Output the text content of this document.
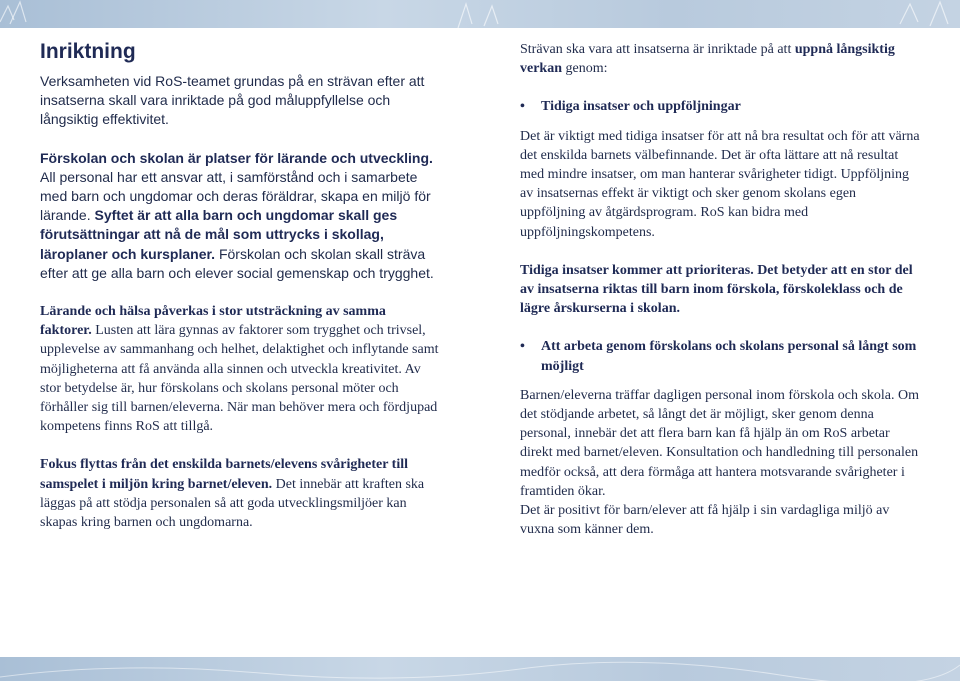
Inriktning

Verksamheten vid RoS-teamet grundas på en strävan efter att insatserna skall vara inriktade på god måluppfyllelse och långsiktig effektivitet.

Förskolan och skolan är platser för lärande och utveckling. All personal har ett ansvar att, i samförstånd och i samarbete med barn och ungdomar och deras föräldrar, skapa en miljö för lärande. Syftet är att alla barn och ungdomar skall ges förutsättningar att nå de mål som uttrycks i skollag, läroplaner och kursplaner. Förskolan och skolan skall sträva efter att ge alla barn och elever social gemenskap och trygghet.

Lärande och hälsa påverkas i stor utsträckning av samma faktorer. Lusten att lära gynnas av faktorer som trygghet och trivsel, upplevelse av sammanhang och helhet, delaktighet och inflytande samt möjligheterna att få använda alla sinnen och utveckla kreativitet. Av stor betydelse är, hur förskolans och skolans personal möter och förhåller sig till barnen/eleverna. När man behöver mera och fördjupad kompetens finns RoS att tillgå.

Fokus flyttas från det enskilda barnets/elevens svårigheter till samspelet i miljön kring barnet/eleven. Det innebär att kraften ska läggas på att stödja personalen så att goda utvecklingsmiljöer kan skapas kring barnen och ungdomarna.

Strävan ska vara att insatserna är inriktade på att uppnå långsiktig verkan genom:

• Tidiga insatser och uppföljningar

Det är viktigt med tidiga insatser för att nå bra resultat och för att värna det enskilda barnets välbefinnande. Det är ofta lättare att nå resultat med mindre insatser, om man hanterar svårigheter tidigt. Uppföljning av insatsernas effekt är viktigt och sker genom skolans egen uppföljning av åtgärdsprogram. RoS kan bidra med uppföljningskompetens.

Tidiga insatser kommer att prioriteras. Det betyder att en stor del av insatserna riktas till barn inom förskola, förskoleklass och de lägre årskurserna i skolan.

• Att arbeta genom förskolans och skolans personal så långt som möjligt

Barnen/eleverna träffar dagligen personal inom förskola och skola. Om det stödjande arbetet, så långt det är möjligt, sker genom denna personal, innebär det att flera barn kan få hjälp än om RoS arbetar direkt med barnet/eleven. Konsultation och handledning till personalen medför också, att dera förmåga att hantera motsvarande svårigheter i framtiden ökar.

Det är positivt för barn/elever att få hjälp i sin vardagliga miljö av vuxna som känner dem.
